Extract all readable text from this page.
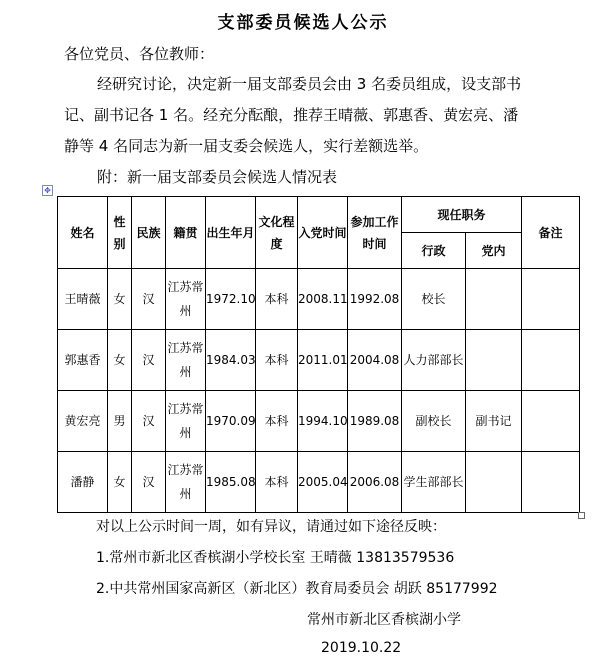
支部委员候选人公示
各位党员、各位教师：
经研究讨论，决定新一届支部委员会由 3 名委员组成，设支部书
记、副书记各 1 名。经充分酝酿，推荐王晴薇、郭惠香、黄宏亮、潘
静等 4 名同志为新一届支委会候选人，实行差额选举。
附：新一届支部委员会候选人情况表
✥
姓名	性别	民族	籍贯	出生年月	文化程度	入党时间	参加工作时间	现任职务		备注
								行政	党内	
王晴薇	女	汉	江苏常州	1972.10	本科	2008.11	1992.08	校长		
郭惠香	女	汉	江苏常州	1984.03	本科	2011.01	2004.08	人力部部长		
黄宏亮	男	汉	江苏常州	1970.09	本科	1994.10	1989.08	副校长	副书记	
潘静	女	汉	江苏常州	1985.08	本科	2005.04	2006.08	学生部部长		
对以上公示时间一周，如有异议，请通过如下途径反映：
1.常州市新北区香槟湖小学校长室 王晴薇 13813579536
2.中共常州国家高新区（新北区）教育局委员会 胡跃 85177992
常州市新北区香槟湖小学
2019.10.22
